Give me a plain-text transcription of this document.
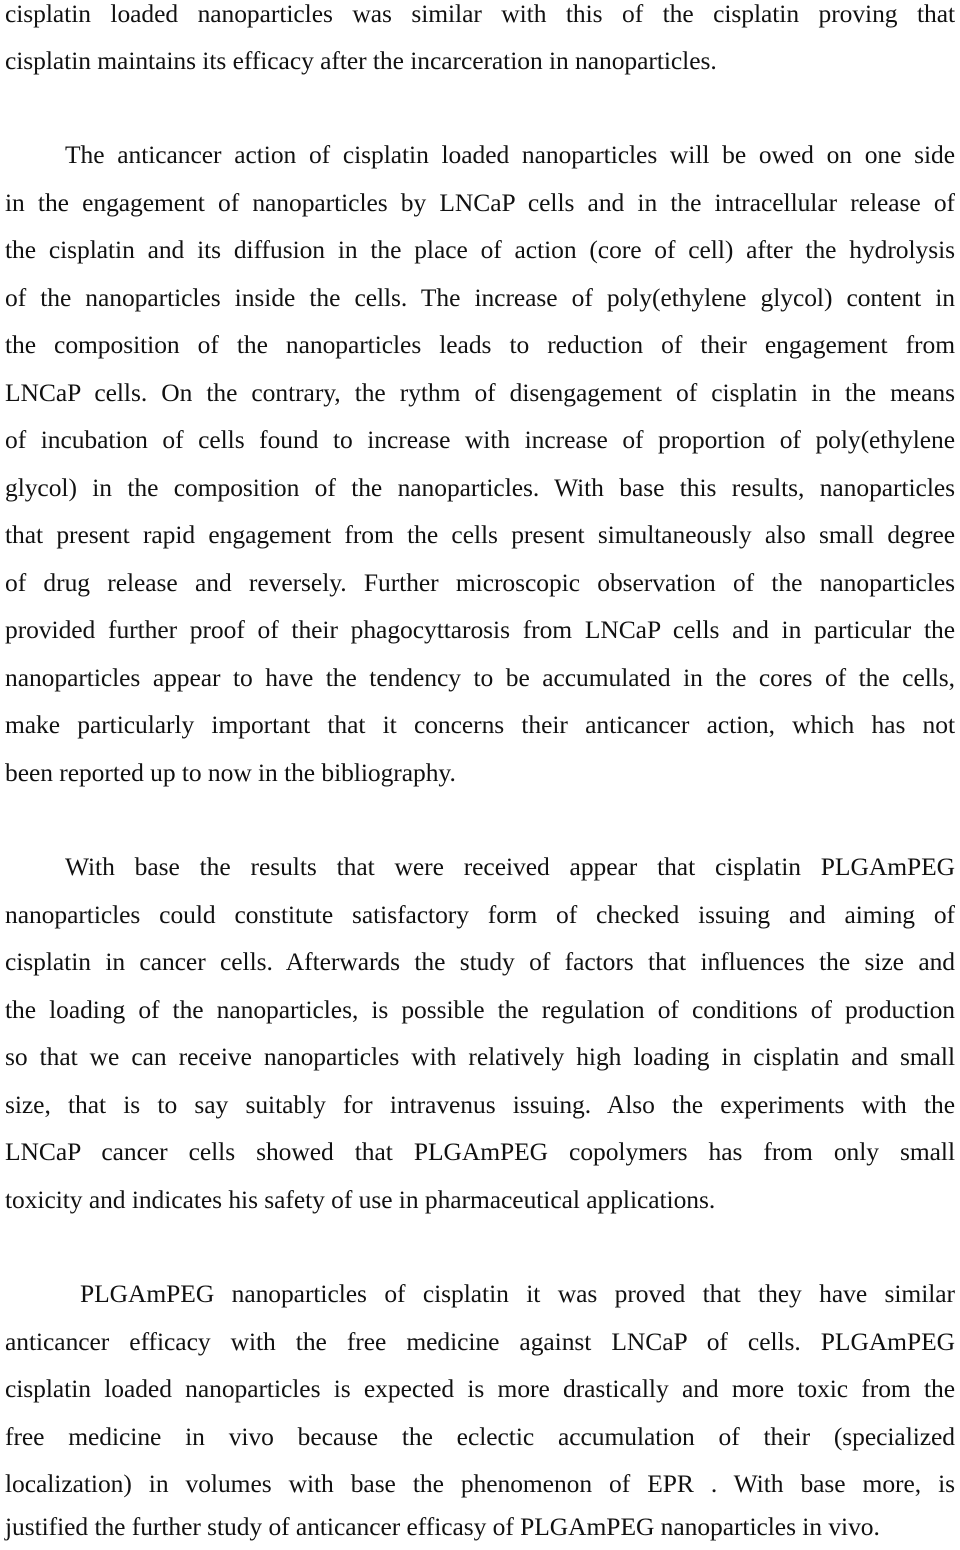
cisplatin loaded nanoparticles was similar with this of the cisplatin proving that
cisplatin maintains its efficacy after the incarceration in nanoparticles.
The anticancer action of cisplatin loaded nanoparticles will be owed on one side
in the engagement of nanoparticles by LNCaP cells and in the intracellular release of
the cisplatin and its diffusion in the place of action (core of cell) after the hydrolysis
of the nanoparticles inside the cells. The increase of poly(ethylene glycol) content in
the composition of the nanoparticles leads to reduction of their engagement from
LNCaP cells. On the contrary, the rythm of disengagement of cisplatin in the means
of incubation of cells found to increase with increase of proportion of poly(ethylene
glycol) in the composition of the nanoparticles. With base this results, nanoparticles
that present rapid engagement from the cells present simultaneously also small degree
of drug release and reversely. Further microscopic observation of the nanoparticles
provided further proof of their phagocyttarosis from LNCaP cells and in particular the
nanoparticles appear to have the tendency to be accumulated in the cores of the cells,
make particularly important that it concerns their anticancer action, which has not
been reported up to now in the bibliography.
With base the results that were received appear that cisplatin PLGAmPEG
nanoparticles could constitute satisfactory form of checked issuing and aiming of
cisplatin in cancer cells. Afterwards the study of factors that influences the size and
the loading of the nanoparticles, is possible the regulation of conditions of production
so that we can receive nanoparticles with relatively high loading in cisplatin and small
size, that is to say suitably for intravenus issuing. Also the experiments with the
LNCaP cancer cells showed that PLGAmPEG copolymers has from only small
toxicity and indicates his safety of use in pharmaceutical applications.
PLGAmPEG nanoparticles of cisplatin it was proved that they have similar
anticancer efficacy with the free medicine against LNCaP of cells. PLGAmPEG
cisplatin loaded nanoparticles is expected is more drastically and more toxic from the
free medicine in vivo because the eclectic accumulation of their (specialized
localization) in volumes with base the phenomenon of EPR . With base more, is
justified the further study of anticancer efficasy of PLGAmPEG nanoparticles in vivo.
